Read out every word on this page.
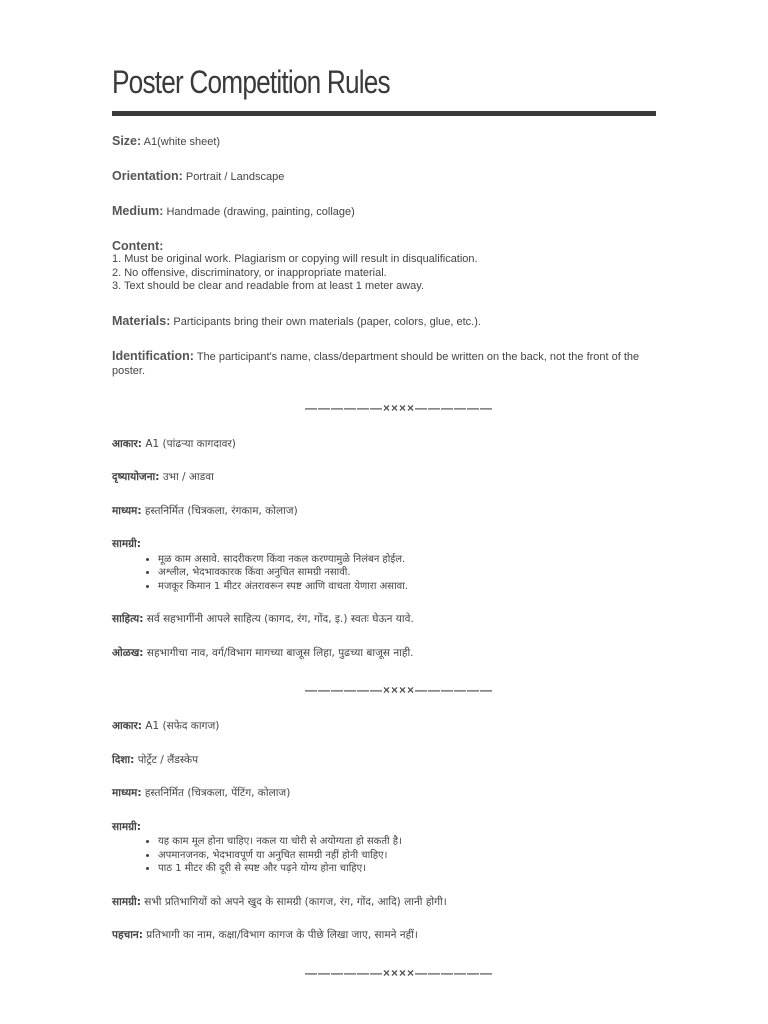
Poster Competition Rules
Size: A1(white sheet)
Orientation: Portrait / Landscape
Medium: Handmade (drawing, painting, collage)
Content:
1. Must be original work. Plagiarism or copying will result in disqualification.
2. No offensive, discriminatory, or inappropriate material.
3. Text should be clear and readable from at least 1 meter away.
Materials: Participants bring their own materials (paper, colors, glue, etc.).
Identification: The participant's name, class/department should be written on the back, not the front of the poster.
——————××××——————
आकार: A1 (पांढऱ्या कागदावर)
दृष्यायोजना: उभा / आडवा
माध्यम: हस्तनिर्मित (चित्रकला, रंगकाम, कोलाज)
सामग्री:
• मूळ काम असावे. सादरीकरण किंवा नकल करण्यामुळे निलंबन होईल.
• अश्लील, भेदभावकारक किंवा अनुचित सामग्री नसावी.
• मजकूर किमान 1 मीटर अंतरावरून स्पष्ट आणि वाचता येणारा असावा.
साहित्य: सर्व सहभागींनी आपले साहित्य (कागद, रंग, गोंद, इ.) स्वतः घेऊन यावे.
ओळख: सहभागीचा नाव, वर्ग/विभाग मागच्या बाजूस लिहा, पुढच्या बाजूस नाही.
——————××××——————
आकार: A1 (सफेद कागज)
दिशा: पोर्ट्रेट / लैंडस्केप
माध्यम: हस्तनिर्मित (चित्रकला, पेंटिंग, कोलाज)
सामग्री:
• यह काम मूल होना चाहिए। नकल या चोरी से अयोग्यता हो सकती है।
• अपमानजनक, भेदभावपूर्ण या अनुचित सामग्री नहीं होनी चाहिए।
• पाठ 1 मीटर की दूरी से स्पष्ट और पढ़ने योग्य होना चाहिए।
सामग्री: सभी प्रतिभागियों को अपने खुद के सामग्री (कागज, रंग, गोंद, आदि) लानी होगी।
पहचान: प्रतिभागी का नाम, कक्षा/विभाग कागज के पीछे लिखा जाए, सामने नहीं।
——————××××——————
